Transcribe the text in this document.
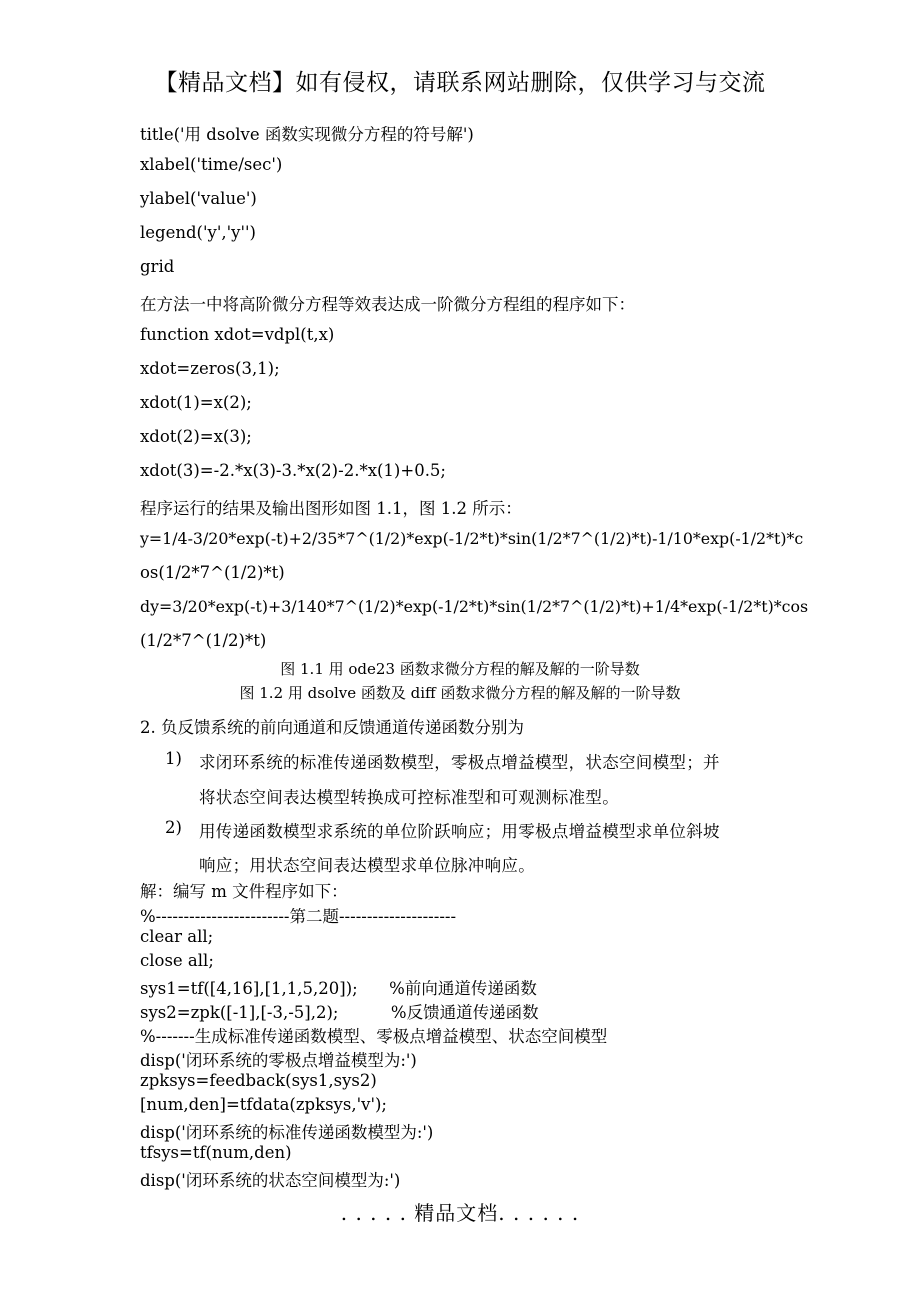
【精品文档】如有侵权，请联系网站删除，仅供学习与交流
title('用 dsolve 函数实现微分方程的符号解')
xlabel('time/sec')
ylabel('value')
legend('y','y'')
grid
在方法一中将高阶微分方程等效表达成一阶微分方程组的程序如下：
function xdot=vdpl(t,x)
xdot=zeros(3,1);
xdot(1)=x(2);
xdot(2)=x(3);
xdot(3)=-2.*x(3)-3.*x(2)-2.*x(1)+0.5;
程序运行的结果及输出图形如图 1.1，图 1.2 所示：
y=1/4-3/20*exp(-t)+2/35*7^(1/2)*exp(-1/2*t)*sin(1/2*7^(1/2)*t)-1/10*exp(-1/2*t)*c
os(1/2*7^(1/2)*t)
dy=3/20*exp(-t)+3/140*7^(1/2)*exp(-1/2*t)*sin(1/2*7^(1/2)*t)+1/4*exp(-1/2*t)*cos
(1/2*7^(1/2)*t)
图 1.1 用 ode23 函数求微分方程的解及解的一阶导数
图 1.2 用 dsolve 函数及 diff 函数求微分方程的解及解的一阶导数
2. 负反馈系统的前向通道和反馈通道传递函数分别为
1) 求闭环系统的标准传递函数模型，零极点增益模型，状态空间模型；并
将状态空间表达模型转换成可控标准型和可观测标准型。
2) 用传递函数模型求系统的单位阶跃响应；用零极点增益模型求单位斜坡
响应；用状态空间表达模型求单位脉冲响应。
解：编写 m 文件程序如下：
%------------------------第二题---------------------
clear all;
close all;
sys1=tf([4,16],[1,1,5,20]);      %前向通道传递函数
sys2=zpk([-1],[-3,-5],2);          %反馈通道传递函数
%-------生成标准传递函数模型、零极点增益模型、状态空间模型
disp('闭环系统的零极点增益模型为:')
zpksys=feedback(sys1,sys2)
[num,den]=tfdata(zpksys,'v');
disp('闭环系统的标准传递函数模型为:')
tfsys=tf(num,den)
disp('闭环系统的状态空间模型为:')
. . . . . 精品文档. . . . . .
